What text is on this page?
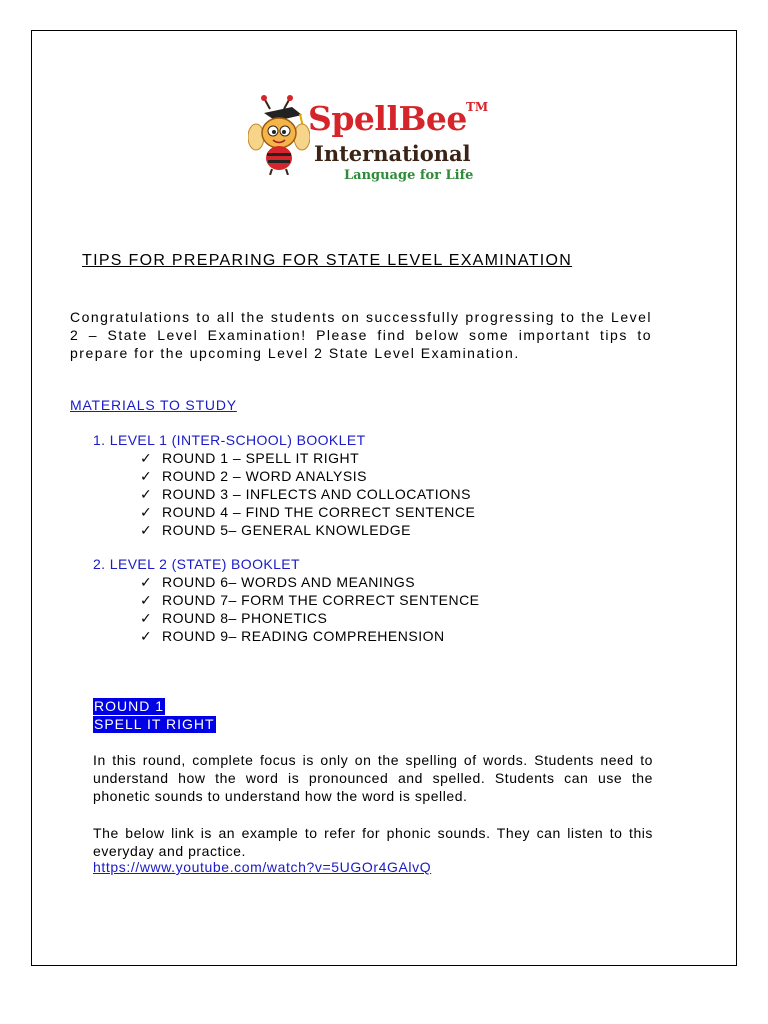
SpellBee TM
International
Language for Life
TIPS FOR PREPARING FOR STATE LEVEL EXAMINATION

Congratulations to all the students on successfully progressing to the Level 2 – State Level Examination! Please find below some important tips to prepare for the upcoming Level 2 State Level Examination.

MATERIALS TO STUDY
1. LEVEL 1 (INTER-SCHOOL) BOOKLET
✓ ROUND 1 – SPELL IT RIGHT
✓ ROUND 2 – WORD ANALYSIS
✓ ROUND 3 – INFLECTS AND COLLOCATIONS
✓ ROUND 4 – FIND THE CORRECT SENTENCE
✓ ROUND 5– GENERAL KNOWLEDGE
2. LEVEL 2 (STATE) BOOKLET
✓ ROUND 6– WORDS AND MEANINGS
✓ ROUND 7– FORM THE CORRECT SENTENCE
✓ ROUND 8– PHONETICS
✓ ROUND 9– READING COMPREHENSION
ROUND 1
SPELL IT RIGHT

In this round, complete focus is only on the spelling of words. Students need to understand how the word is pronounced and spelled. Students can use the phonetic sounds to understand how the word is spelled.

The below link is an example to refer for phonic sounds. They can listen to this everyday and practice.

https://www.youtube.com/watch?v=5UGOr4GAlvQ
